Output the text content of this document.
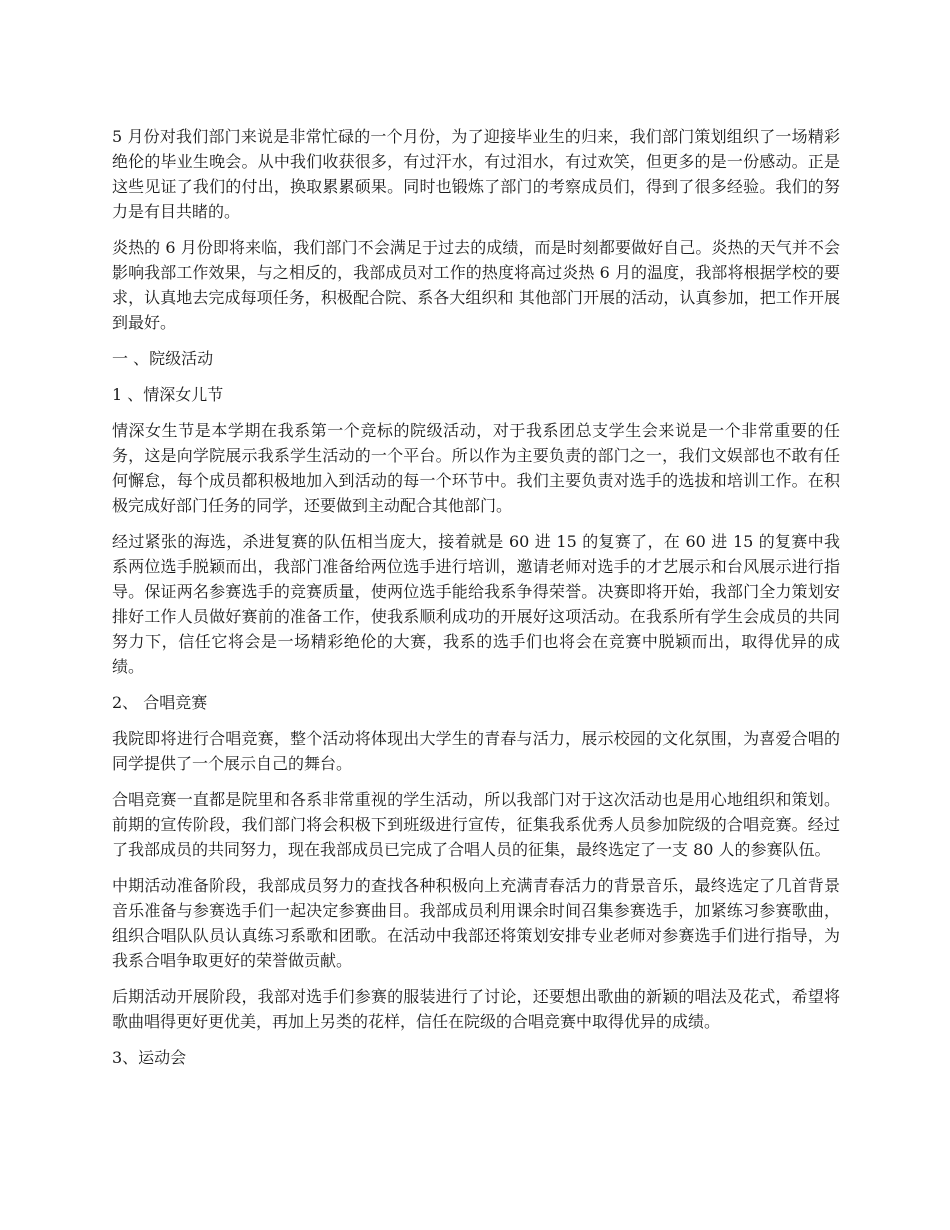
5 月份对我们部门来说是非常忙碌的一个月份，为了迎接毕业生的归来，我们部门策划组织了一场精彩绝伦的毕业生晚会。从中我们收获很多，有过汗水，有过泪水，有过欢笑，但更多的是一份感动。正是这些见证了我们的付出，换取累累硕果。同时也锻炼了部门的考察成员们，得到了很多经验。我们的努力是有目共睹的。

炎热的 6 月份即将来临，我们部门不会满足于过去的成绩，而是时刻都要做好自己。炎热的天气并不会影响我部工作效果，与之相反的，我部成员对工作的热度将高过炎热 6 月的温度，我部将根据学校的要求，认真地去完成每项任务，积极配合院、系各大组织和 其他部门开展的活动，认真参加，把工作开展到最好。

一 、院级活动

1 、情深女儿节

情深女生节是本学期在我系第一个竞标的院级活动，对于我系团总支学生会来说是一个非常重要的任务，这是向学院展示我系学生活动的一个平台。所以作为主要负责的部门之一，我们文娱部也不敢有任何懈怠，每个成员都积极地加入到活动的每一个环节中。我们主要负责对选手的选拔和培训工作。在积极完成好部门任务的同学，还要做到主动配合其他部门。

经过紧张的海选，杀进复赛的队伍相当庞大，接着就是 60 进 15 的复赛了，在 60 进 15 的复赛中我系两位选手脱颖而出，我部门准备给两位选手进行培训，邀请老师对选手的才艺展示和台风展示进行指导。保证两名参赛选手的竞赛质量，使两位选手能给我系争得荣誉。决赛即将开始，我部门全力策划安排好工作人员做好赛前的准备工作，使我系顺利成功的开展好这项活动。在我系所有学生会成员的共同努力下，信任它将会是一场精彩绝伦的大赛，我系的选手们也将会在竞赛中脱颖而出，取得优异的成绩。

2、 合唱竞赛

我院即将进行合唱竞赛，整个活动将体现出大学生的青春与活力，展示校园的文化氛围，为喜爱合唱的同学提供了一个展示自己的舞台。

合唱竞赛一直都是院里和各系非常重视的学生活动，所以我部门对于这次活动也是用心地组织和策划。前期的宣传阶段，我们部门将会积极下到班级进行宣传，征集我系优秀人员参加院级的合唱竞赛。经过了我部成员的共同努力，现在我部成员已完成了合唱人员的征集，最终选定了一支 80 人的参赛队伍。

中期活动准备阶段，我部成员努力的查找各种积极向上充满青春活力的背景音乐，最终选定了几首背景音乐准备与参赛选手们一起决定参赛曲目。我部成员利用课余时间召集参赛选手，加紧练习参赛歌曲，组织合唱队队员认真练习系歌和团歌。在活动中我部还将策划安排专业老师对参赛选手们进行指导，为我系合唱争取更好的荣誉做贡献。

后期活动开展阶段，我部对选手们参赛的服装进行了讨论，还要想出歌曲的新颖的唱法及花式，希望将歌曲唱得更好更优美，再加上另类的花样，信任在院级的合唱竞赛中取得优异的成绩。

3、运动会
